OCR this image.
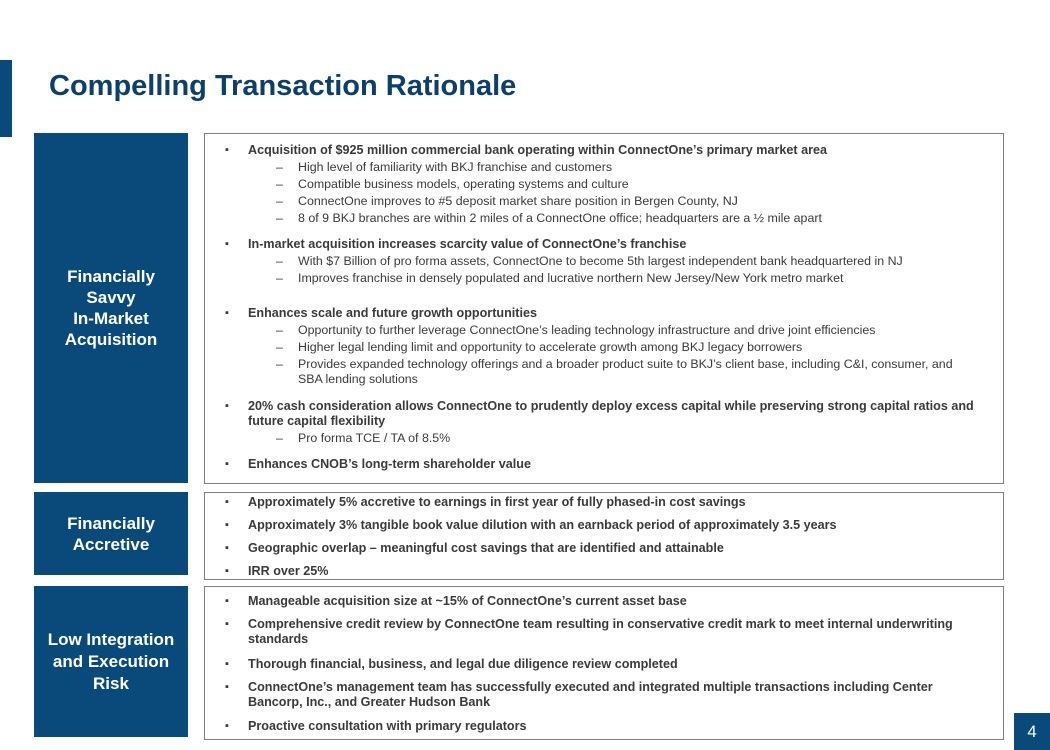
Compelling Transaction Rationale
Financially
Savvy
In-Market
Acquisition
▪ Acquisition of $925 million commercial bank operating within ConnectOne’s primary market area
– High level of familiarity with BKJ franchise and customers
– Compatible business models, operating systems and culture
– ConnectOne improves to #5 deposit market share position in Bergen County, NJ
– 8 of 9 BKJ branches are within 2 miles of a ConnectOne office; headquarters are a ½ mile apart
▪ In-market acquisition increases scarcity value of ConnectOne’s franchise
– With $7 Billion of pro forma assets, ConnectOne to become 5th largest independent bank headquartered in NJ
– Improves franchise in densely populated and lucrative northern New Jersey/New York metro market
▪ Enhances scale and future growth opportunities
– Opportunity to further leverage ConnectOne’s leading technology infrastructure and drive joint efficiencies
– Higher legal lending limit and opportunity to accelerate growth among BKJ legacy borrowers
– Provides expanded technology offerings and a broader product suite to BKJ’s client base, including C&I, consumer, and SBA lending solutions
▪ 20% cash consideration allows ConnectOne to prudently deploy excess capital while preserving strong capital ratios and future capital flexibility
– Pro forma TCE / TA of 8.5%
▪ Enhances CNOB’s long-term shareholder value
Financially
Accretive
▪ Approximately 5% accretive to earnings in first year of fully phased-in cost savings
▪ Approximately 3% tangible book value dilution with an earnback period of approximately 3.5 years
▪ Geographic overlap – meaningful cost savings that are identified and attainable
▪ IRR over 25%
Low Integration
and Execution
Risk
▪ Manageable acquisition size at ~15% of ConnectOne’s current asset base
▪ Comprehensive credit review by ConnectOne team resulting in conservative credit mark to meet internal underwriting standards
▪ Thorough financial, business, and legal due diligence review completed
▪ ConnectOne’s management team has successfully executed and integrated multiple transactions including Center Bancorp, Inc., and Greater Hudson Bank
▪ Proactive consultation with primary regulators	4
